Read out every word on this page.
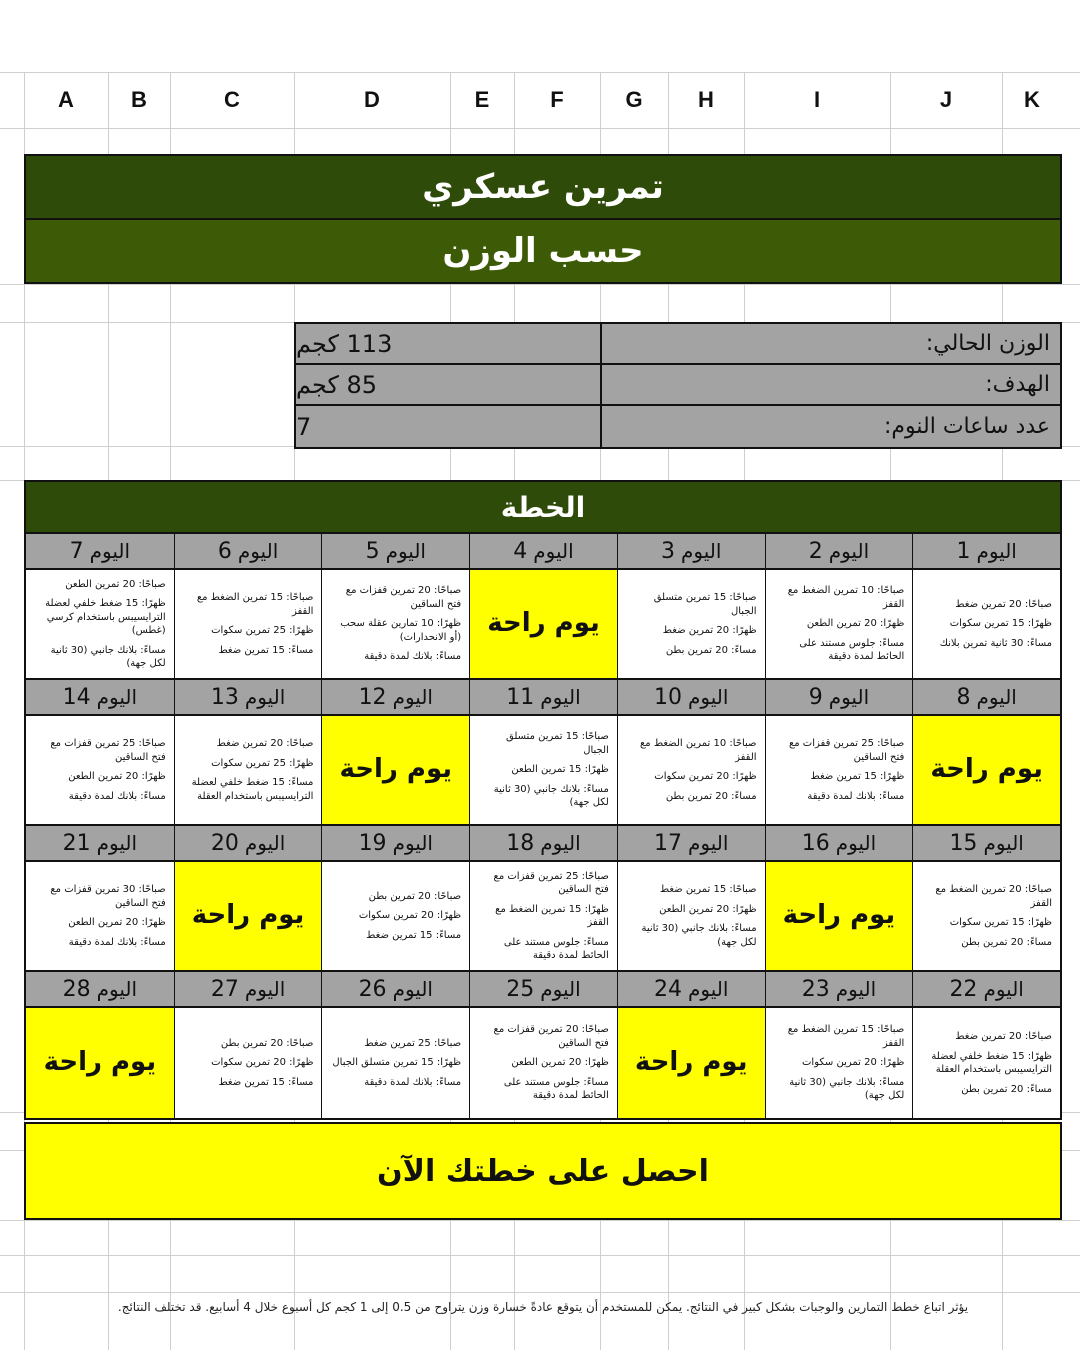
A	B	C	D	E	F	G	H	I	J	K
تمرين عسكري
حسب الوزن
113 كجم	الوزن الحالي:
85 كجم	الهدف:
7	عدد ساعات النوم:
الخطة
اليوم
1

صباحًا: 20 تمرين ضغط

ظهرًا: 15 تمرين سكوات

مساءً: 30 ثانية تمرين بلانك

اليوم
2

صباحًا: 10 تمرين الضغط مع القفز

ظهرًا: 20 تمرين الطعن

مساءً: جلوس مستند على الحائط لمدة دقيقة

اليوم
3

صباحًا: 15 تمرين متسلق الجبال

ظهرًا: 20 تمرين ضغط

مساءً: 20 تمرين بطن

اليوم
4
يوم راحة
اليوم
5

صباحًا: 20 تمرين قفزات مع فتح الساقين

ظهرًا: 10 تمارين عقلة سحب (أو الانحدارات)

مساءً: بلانك لمدة دقيقة

اليوم
6

صباحًا: 15 تمرين الضغط مع القفز

ظهرًا: 25 تمرين سكوات

مساءً: 15 تمرين ضغط

اليوم
7

صباحًا: 20 تمرين الطعن

ظهرًا: 15 ضغط خلفي لعضلة الترايسيبس باستخدام كرسي (غطس)

مساءً: بلانك جانبي (30 ثانية لكل جهة)

اليوم
8
يوم راحة
اليوم
9

صباحًا: 25 تمرين قفزات مع فتح الساقين

ظهرًا: 15 تمرين ضغط

مساءً: بلانك لمدة دقيقة

اليوم
10

صباحًا: 10 تمرين الضغط مع القفز

ظهرًا: 20 تمرين سكوات

مساءً: 20 تمرين بطن

اليوم
11

صباحًا: 15 تمرين متسلق الجبال

ظهرًا: 15 تمرين الطعن

مساءً: بلانك جانبي (30 ثانية لكل جهة)

اليوم
12
يوم راحة
اليوم
13

صباحًا: 20 تمرين ضغط

ظهرًا: 25 تمرين سكوات

مساءً: 15 ضغط خلفي لعضلة الترايسيبس باستخدام العقلة

اليوم
14

صباحًا: 25 تمرين قفزات مع فتح الساقين

ظهرًا: 20 تمرين الطعن

مساءً: بلانك لمدة دقيقة

اليوم
15

صباحًا: 20 تمرين الضغط مع القفز

ظهرًا: 15 تمرين سكوات

مساءً: 20 تمرين بطن

اليوم
16
يوم راحة
اليوم
17

صباحًا: 15 تمرين ضغط

ظهرًا: 20 تمرين الطعن

مساءً: بلانك جانبي (30 ثانية لكل جهة)

اليوم
18

صباحًا: 25 تمرين قفزات مع فتح الساقين

ظهرًا: 15 تمرين الضغط مع القفز

مساءً: جلوس مستند على الحائط لمدة دقيقة

اليوم
19

صباحًا: 20 تمرين بطن

ظهرًا: 20 تمرين سكوات

مساءً: 15 تمرين ضغط

اليوم
20
يوم راحة
اليوم
21

صباحًا: 30 تمرين قفزات مع فتح الساقين

ظهرًا: 20 تمرين الطعن

مساءً: بلانك لمدة دقيقة

اليوم
22

صباحًا: 20 تمرين ضغط

ظهرًا: 15 ضغط خلفي لعضلة الترايسيبس باستخدام العقلة

مساءً: 20 تمرين بطن

اليوم
23

صباحًا: 15 تمرين الضغط مع القفز

ظهرًا: 20 تمرين سكوات

مساءً: بلانك جانبي (30 ثانية لكل جهة)

اليوم
24
يوم راحة
اليوم
25

صباحًا: 20 تمرين قفزات مع فتح الساقين

ظهرًا: 20 تمرين الطعن

مساءً: جلوس مستند على الحائط لمدة دقيقة

اليوم
26

صباحًا: 25 تمرين ضغط

ظهرًا: 15 تمرين متسلق الجبال

مساءً: بلانك لمدة دقيقة

اليوم
27

صباحًا: 20 تمرين بطن

ظهرًا: 20 تمرين سكوات

مساءً: 15 تمرين ضغط

اليوم
28
يوم راحة
احصل على خطتك الآن
يؤثر اتباع خطط التمارين والوجبات بشكل كبير في النتائج. يمكن للمستخدم أن يتوقع عادةً خسارة وزن يتراوح من 0.5 إلى 1 كجم كل أسبوع خلال 4 أسابيع. قد تختلف النتائج.
